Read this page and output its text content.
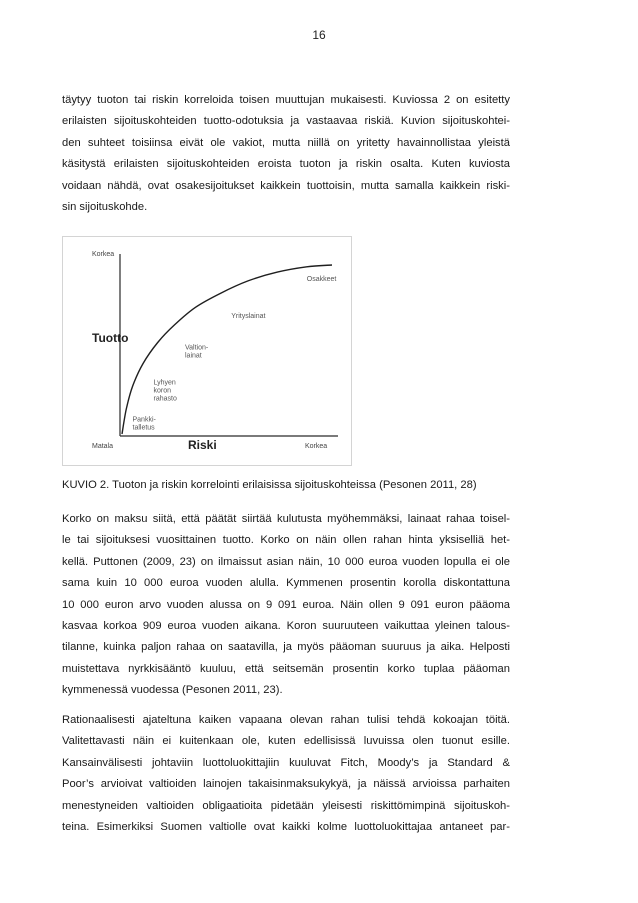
16

täytyy tuoton tai riskin korreloida toisen muuttujan mukaisesti. Kuviossa 2 on esitetty
erilaisten sijoituskohteiden tuotto-odotuksia ja vastaavaa riskiä. Kuvion sijoituskohtei-
den suhteet toisiinsa eivät ole vakiot, mutta niillä on yritetty havainnollistaa yleistä
käsitystä erilaisten sijoituskohteiden eroista tuoton ja riskin osalta. Kuten kuviosta
voidaan nähdä, ovat osakesijoitukset kaikkein tuottoisin, mutta samalla kaikkein riski-
sin sijoituskohde.

Korkea
Matala	Korkea
Tuotto
Riski
Pankki-talletus
Lyhyen koron rahasto
Valtion-lainat
Yrityslainat
Osakkeet
KUVIO 2. Tuoton ja riskin korrelointi erilaisissa sijoituskohteissa (Pesonen 2011, 28)

Korko on maksu siitä, että päätät siirtää kulutusta myöhemmäksi, lainaat rahaa toisel-
le tai sijoituksesi vuosittainen tuotto. Korko on näin ollen rahan hinta yksiselliä het-
kellä. Puttonen (2009, 23) on ilmaissut asian näin, 10 000 euroa vuoden lopulla ei ole
sama kuin 10 000 euroa vuoden alulla. Kymmenen prosentin korolla diskontattuna
10 000 euron arvo vuoden alussa on 9 091 euroa. Näin ollen 9 091 euron pääoma
kasvaa korkoa 909 euroa vuoden aikana. Koron suuruuteen vaikuttaa yleinen talous-
tilanne, kuinka paljon rahaa on saatavilla, ja myös pääoman suuruus ja aika. Helposti
muistettava nyrkkisääntö kuuluu, että seitsemän prosentin korko tuplaa pääoman
kymmenessä vuodessa (Pesonen 2011, 23).

Rationaalisesti ajateltuna kaiken vapaana olevan rahan tulisi tehdä kokoajan töitä.
Valitettavasti näin ei kuitenkaan ole, kuten edellisissä luvuissa olen tuonut esille.
Kansainvälisesti johtaviin luottoluokittajiin kuuluvat Fitch, Moody’s ja Standard &
Poor’s arvioivat valtioiden lainojen takaisinmaksukykyä, ja näissä arvioissa parhaiten
menestyneiden valtioiden obligaatioita pidetään yleisesti riskittömimpinä sijoituskoh-
teina. Esimerkiksi Suomen valtiolle ovat kaikki kolme luottoluokittajaa antaneet par-
